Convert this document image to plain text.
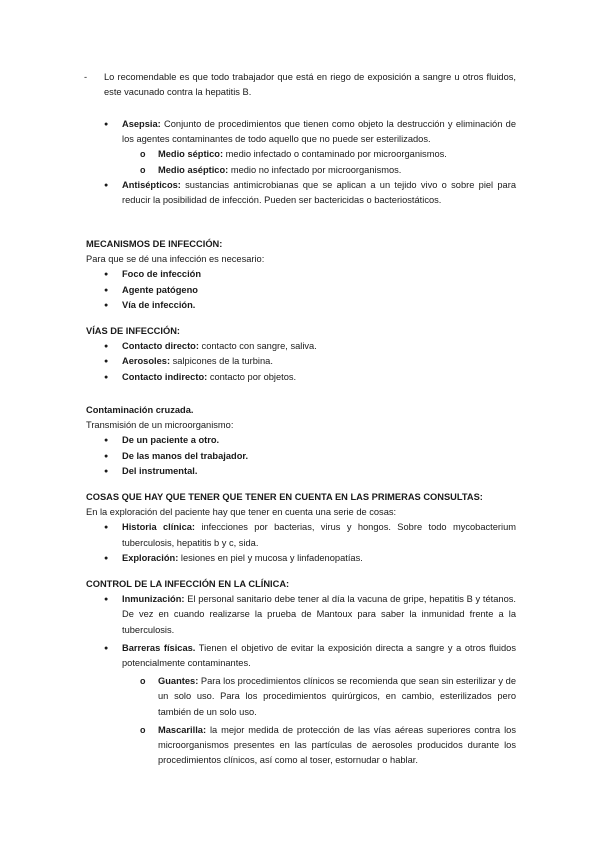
- Lo recomendable es que todo trabajador que está en riego de exposición a sangre u otros fluidos, este vacunado contra la hepatitis B.
● Asepsia: Conjunto de procedimientos que tienen como objeto la destrucción y eliminación de los agentes contaminantes de todo aquello que no puede ser esterilizados.
o Medio séptico: medio infectado o contaminado por microorganismos.
o Medio aséptico: medio no infectado por microorganismos.
● Antisépticos: sustancias antimicrobianas que se aplican a un tejido vivo o sobre piel para reducir la posibilidad de infección. Pueden ser bactericidas o bacteriostáticos.
MECANISMOS DE INFECCIÓN:
Para que se dé una infección es necesario:
● Foco de infección
● Agente patógeno
● Vía de infección.
VÍAS DE INFECCIÓN:
● Contacto directo: contacto con sangre, saliva.
● Aerosoles: salpicones de la turbina.
● Contacto indirecto: contacto por objetos.
Contaminación cruzada.
Transmisión de un microorganismo:
● De un paciente a otro.
● De las manos del trabajador.
● Del instrumental.
COSAS QUE HAY QUE TENER QUE TENER EN CUENTA EN LAS PRIMERAS CONSULTAS:
En la exploración del paciente hay que tener en cuenta una serie de cosas:
● Historia clínica: infecciones por bacterias, virus y hongos. Sobre todo mycobacterium tuberculosis, hepatitis b y c, sida.
● Exploración: lesiones en piel y mucosa y linfadenopatías.
CONTROL DE LA INFECCIÓN EN LA CLÍNICA:
● Inmunización: El personal sanitario debe tener al día la vacuna de gripe, hepatitis B y tétanos. De vez en cuando realizarse la prueba de Mantoux para saber la inmunidad frente a la tuberculosis.
● Barreras físicas. Tienen el objetivo de evitar la exposición directa a sangre y a otros fluidos potencialmente contaminantes.
o Guantes: Para los procedimientos clínicos se recomienda que sean sin esterilizar y de un solo uso. Para los procedimientos quirúrgicos, en cambio, esterilizados pero también de un solo uso.
o Mascarilla: la mejor medida de protección de las vías aéreas superiores contra los microorganismos presentes en las partículas de aerosoles producidos durante los procedimientos clínicos, así como al toser, estornudar o hablar.
